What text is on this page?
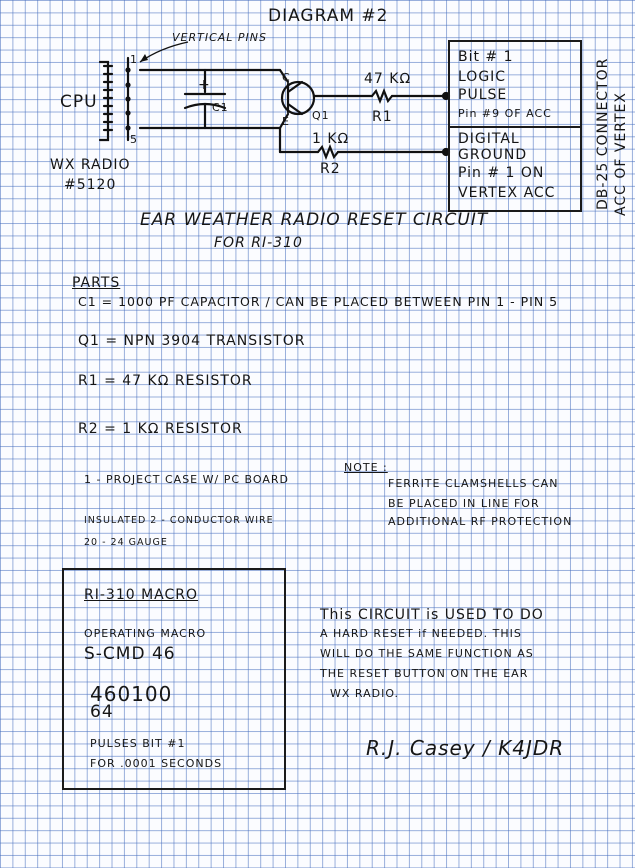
DIAGRAM #2
VERTICAL PINS
1
5
CPU
WX RADIO
#5120
+
C1
C
E Q1
47 KΩ
R1
1 KΩ
R2
Bit # 1
LOGIC
PULSE
Pin #9 OF ACC
DIGITAL
GROUND
Pin # 1 ON
VERTEX ACC	DB-25 CONNECTOR ACC OF VERTEX
EAR WEATHER RADIO RESET CIRCUIT
FOR RI-310
PARTS
C1 = 1000 PF CAPACITOR / CAN BE PLACED BETWEEN PIN 1 - PIN 5
Q1 = NPN 3904 TRANSISTOR
R1 = 47 KΩ RESISTOR
R2 = 1 KΩ RESISTOR
1 - PROJECT CASE W/ PC BOARD
INSULATED 2 - CONDUCTOR WIRE
20 - 24 GAUGE
NOTE :
FERRITE CLAMSHELLS CAN
BE PLACED IN LINE FOR
ADDITIONAL RF PROTECTION
RI-310 MACRO
OPERATING MACRO
S-CMD 46
460100
64
PULSES BIT #1
FOR .0001 SECONDS
This CIRCUIT is USED TO DO
A HARD RESET if NEEDED. THIS
WILL DO THE SAME FUNCTION AS
THE RESET BUTTON ON THE EAR
WX RADIO.
R.J. Casey / K4JDR
